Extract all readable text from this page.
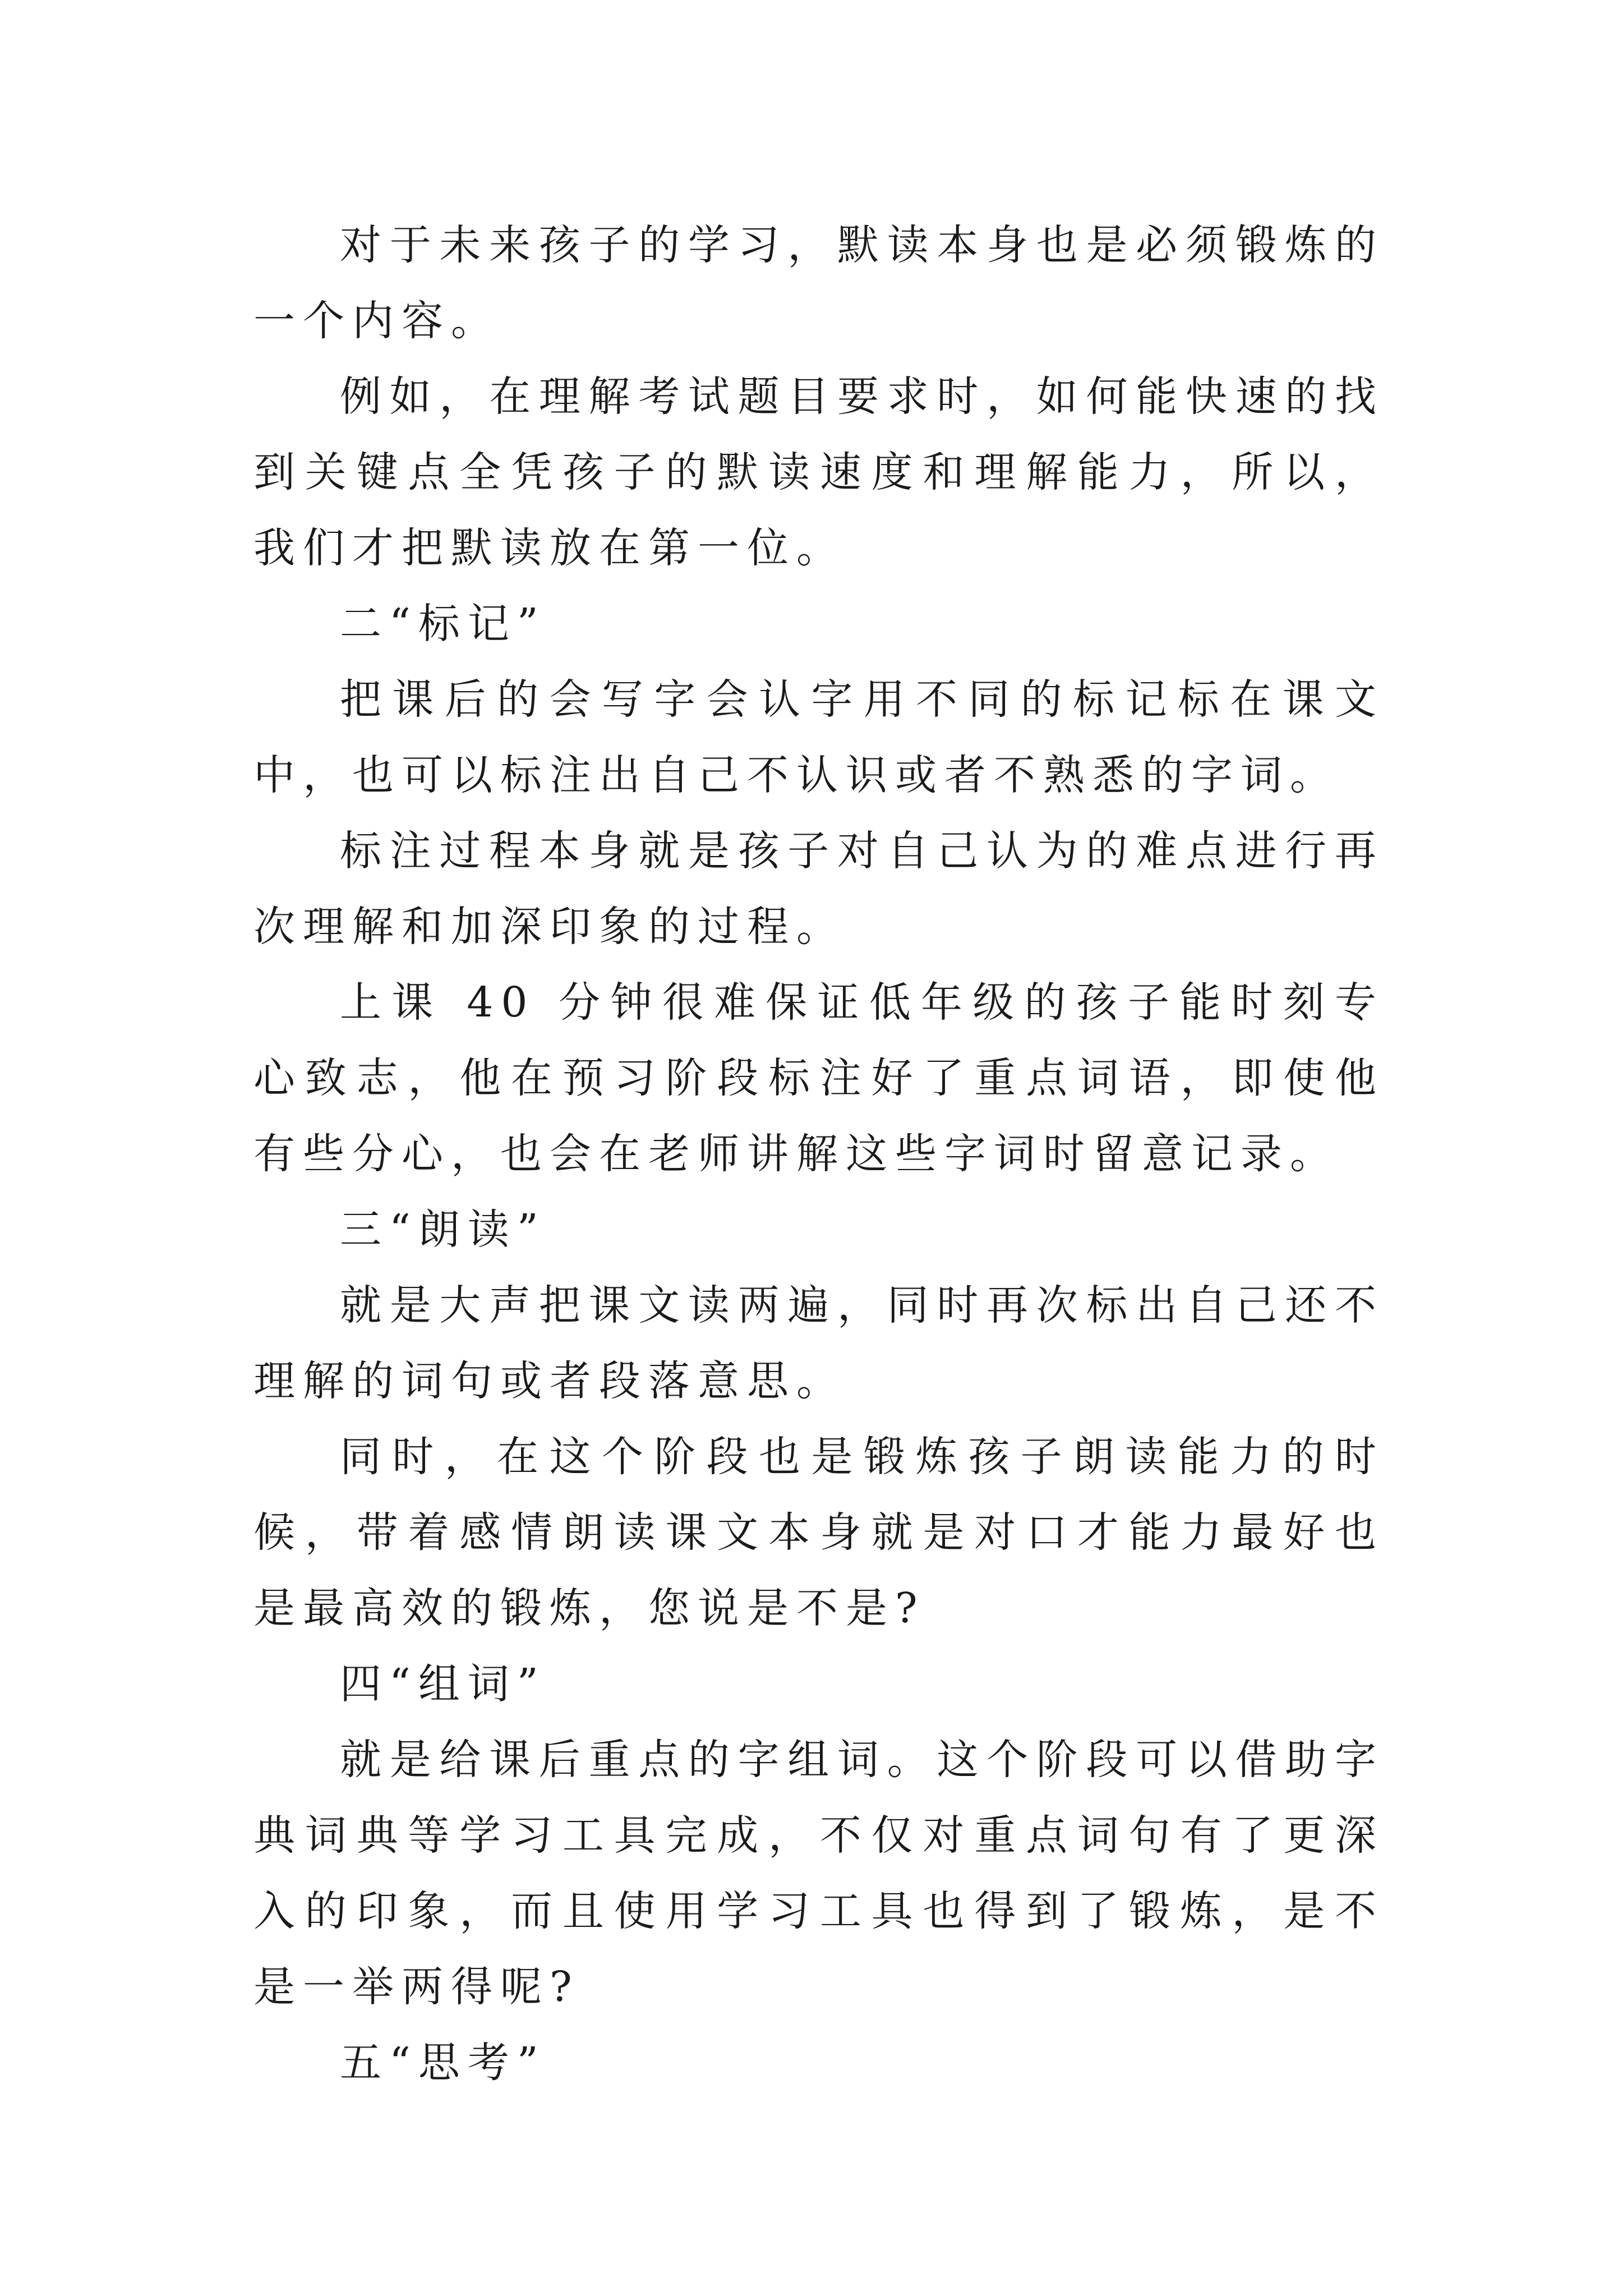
对于未来孩子的学习，默读本身也是必须锻炼的一个内容。

例如，在理解考试题目要求时，如何能快速的找到关键点全凭孩子的默读速度和理解能力，所以，我们才把默读放在第一位。

二“标记”

把课后的会写字会认字用不同的标记标在课文中，也可以标注出自己不认识或者不熟悉的字词。

标注过程本身就是孩子对自己认为的难点进行再次理解和加深印象的过程。

上课 40 分钟很难保证低年级的孩子能时刻专心致志，他在预习阶段标注好了重点词语，即使他有些分心，也会在老师讲解这些字词时留意记录。

三“朗读”

就是大声把课文读两遍，同时再次标出自己还不理解的词句或者段落意思。

同时，在这个阶段也是锻炼孩子朗读能力的时候，带着感情朗读课文本身就是对口才能力最好也是最高效的锻炼，您说是不是?

四“组词”

就是给课后重点的字组词。这个阶段可以借助字典词典等学习工具完成，不仅对重点词句有了更深入的印象，而且使用学习工具也得到了锻炼，是不是一举两得呢?

五“思考”
